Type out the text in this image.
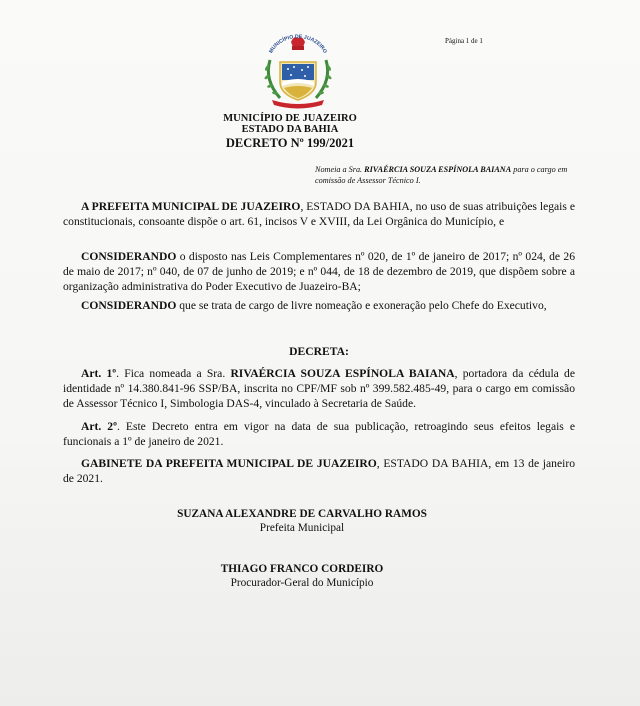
Página 1 de 1
MUNICÍPIO DE JUAZEIRO
MUNICÍPIO DE JUAZEIRO
ESTADO DA BAHIA
DECRETO Nº 199/2021
Nomeia a Sra. RIVAÉRCIA SOUZA ESPÍNOLA BAIANA para o cargo em comissão de Assessor Técnico I.
A PREFEITA MUNICIPAL DE JUAZEIRO, ESTADO DA BAHIA, no uso de suas atribuições legais e constitucionais, consoante dispõe o art. 61, incisos V e XVIII, da Lei Orgânica do Município, e
CONSIDERANDO o disposto nas Leis Complementares nº 020, de 1º de janeiro de 2017; nº 024, de 26 de maio de 2017; nº 040, de 07 de junho de 2019; e nº 044, de 18 de dezembro de 2019, que dispõem sobre a organização administrativa do Poder Executivo de Juazeiro-BA;
CONSIDERANDO que se trata de cargo de livre nomeação e exoneração pelo Chefe do Executivo,
DECRETA:
Art. 1º. Fica nomeada a Sra. RIVAÉRCIA SOUZA ESPÍNOLA BAIANA, portadora da cédula de identidade nº 14.380.841-96 SSP/BA, inscrita no CPF/MF sob nº 399.582.485-49, para o cargo em comissão de Assessor Técnico I, Simbologia DAS-4, vinculado à Secretaria de Saúde.
Art. 2º. Este Decreto entra em vigor na data de sua publicação, retroagindo seus efeitos legais e funcionais a 1º de janeiro de 2021.
GABINETE DA PREFEITA MUNICIPAL DE JUAZEIRO, ESTADO DA BAHIA, em 13 de janeiro de 2021.
SUZANA ALEXANDRE DE CARVALHO RAMOS
Prefeita Municipal
THIAGO FRANCO CORDEIRO
Procurador-Geral do Município
